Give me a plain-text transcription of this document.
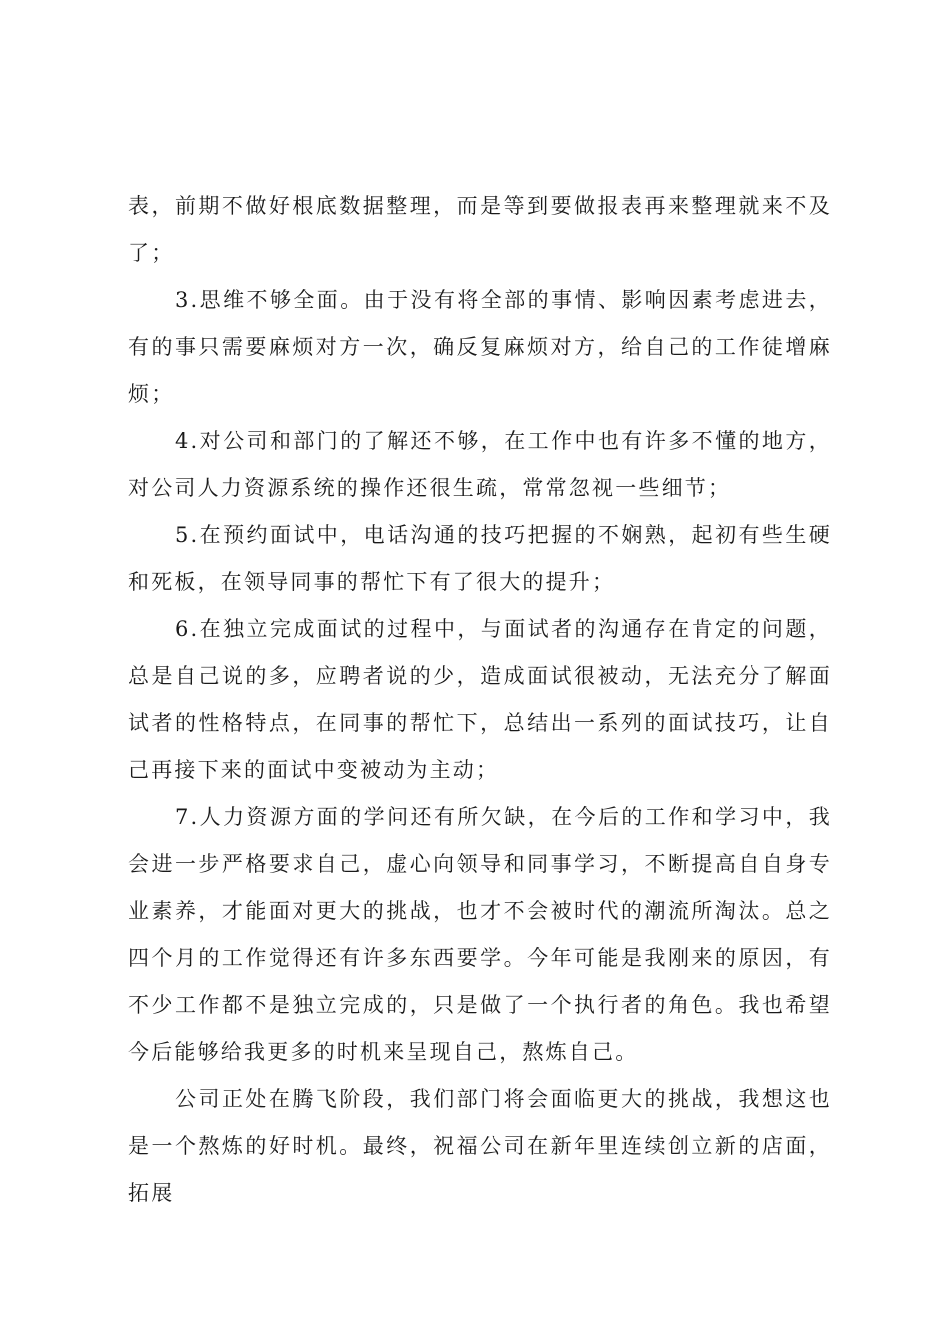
表，前期不做好根底数据整理，而是等到要做报表再来整理就来不及了；

3.思维不够全面。由于没有将全部的事情、影响因素考虑进去，有的事只需要麻烦对方一次，确反复麻烦对方，给自己的工作徒增麻烦；

4.对公司和部门的了解还不够，在工作中也有许多不懂的地方，对公司人力资源系统的操作还很生疏，常常忽视一些细节；

5.在预约面试中，电话沟通的技巧把握的不娴熟，起初有些生硬和死板，在领导同事的帮忙下有了很大的提升；

6.在独立完成面试的过程中，与面试者的沟通存在肯定的问题，总是自己说的多，应聘者说的少，造成面试很被动，无法充分了解面试者的性格特点，在同事的帮忙下，总结出一系列的面试技巧，让自己再接下来的面试中变被动为主动；

7.人力资源方面的学问还有所欠缺，在今后的工作和学习中，我会进一步严格要求自己，虚心向领导和同事学习，不断提高自自身专业素养，才能面对更大的挑战，也才不会被时代的潮流所淘汰。总之四个月的工作觉得还有许多东西要学。今年可能是我刚来的原因，有不少工作都不是独立完成的，只是做了一个执行者的角色。我也希望今后能够给我更多的时机来呈现自己，熬炼自己。

公司正处在腾飞阶段，我们部门将会面临更大的挑战，我想这也是一个熬炼的好时机。最终，祝福公司在新年里连续创立新的店面，拓展
